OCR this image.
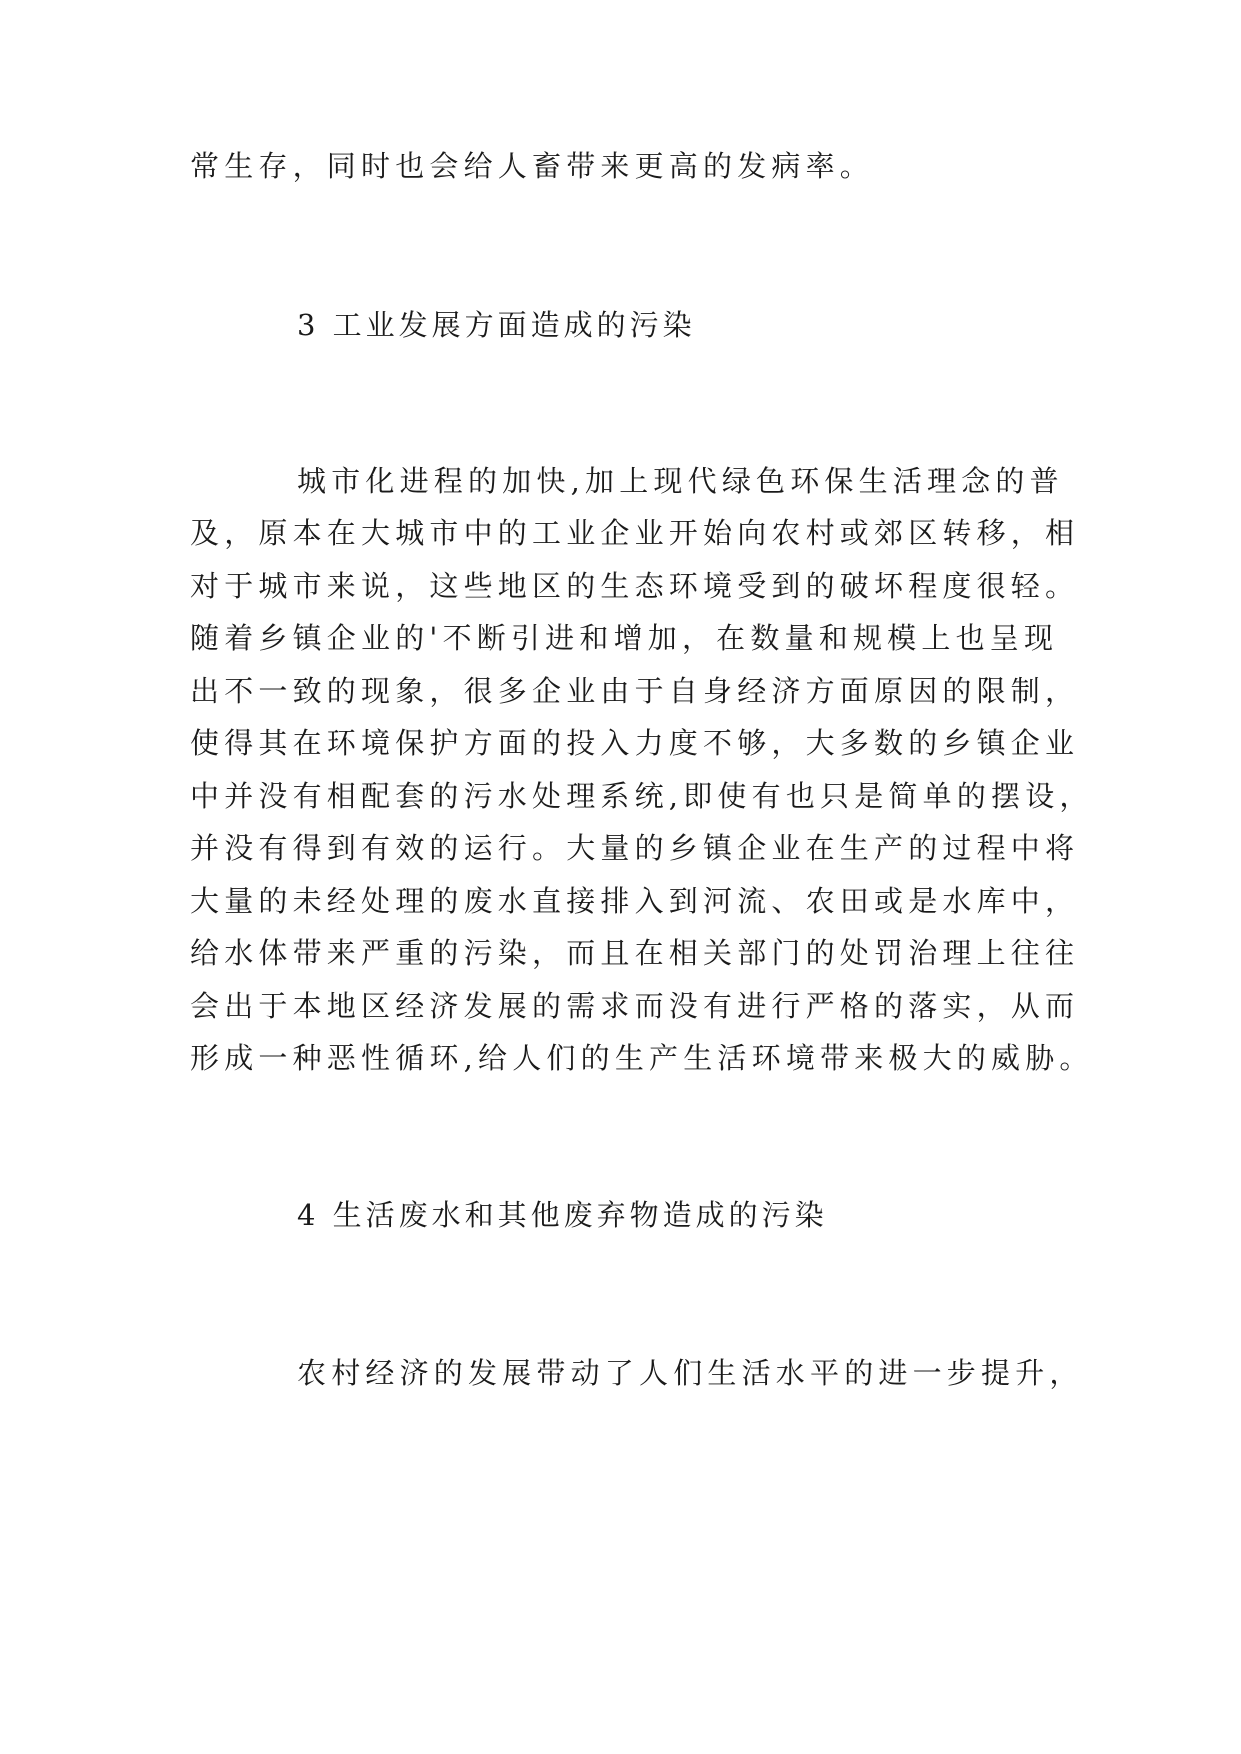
常生存，同时也会给人畜带来更高的发病率。
3 工业发展方面造成的污染
城市化进程的加快,加上现代绿色环保生活理念的普
及，原本在大城市中的工业企业开始向农村或郊区转移，相
对于城市来说，这些地区的生态环境受到的破坏程度很轻。
随着乡镇企业的'不断引进和增加，在数量和规模上也呈现
出不一致的现象，很多企业由于自身经济方面原因的限制，
使得其在环境保护方面的投入力度不够，大多数的乡镇企业
中并没有相配套的污水处理系统,即使有也只是简单的摆设，
并没有得到有效的运行。大量的乡镇企业在生产的过程中将
大量的未经处理的废水直接排入到河流、农田或是水库中，
给水体带来严重的污染，而且在相关部门的处罚治理上往往
会出于本地区经济发展的需求而没有进行严格的落实，从而
形成一种恶性循环,给人们的生产生活环境带来极大的威胁。
4 生活废水和其他废弃物造成的污染
农村经济的发展带动了人们生活水平的进一步提升，
